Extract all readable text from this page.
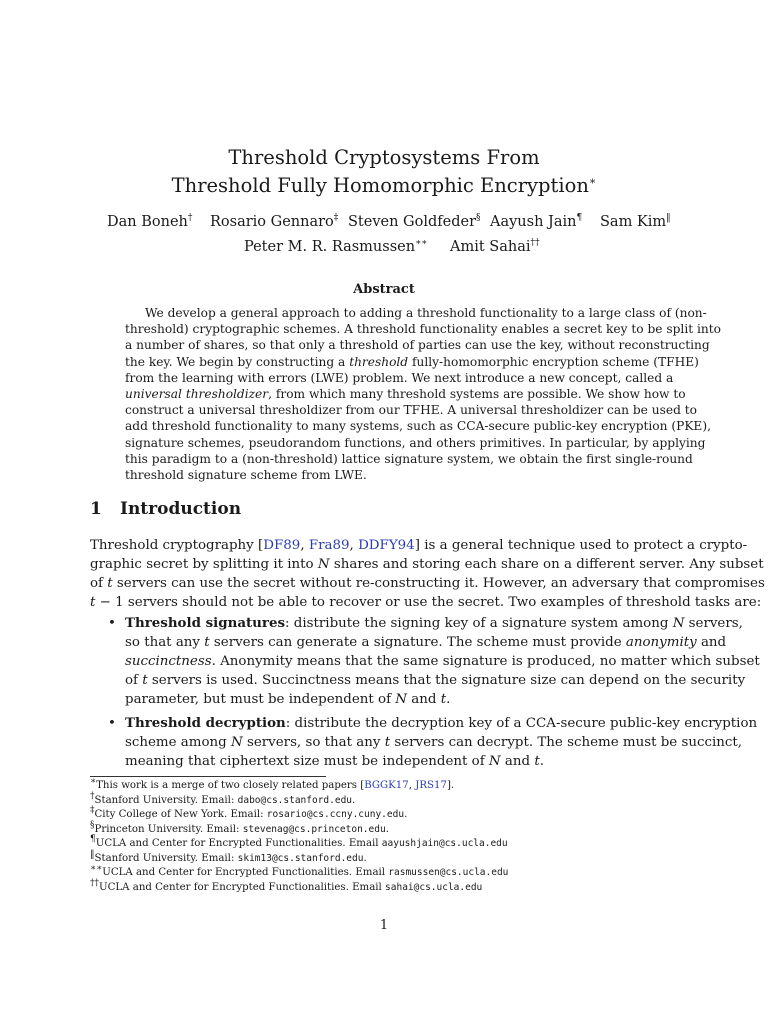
Threshold Cryptosystems From
Threshold Fully Homomorphic Encryption∗
Dan Boneh† Rosario Gennaro‡ Steven Goldfeder§ Aayush Jain¶ Sam Kim‖
Peter M. R. Rasmussen∗∗ Amit Sahai††
Abstract
We develop a general approach to adding a threshold functionality to a large class of (non-
threshold) cryptographic schemes. A threshold functionality enables a secret key to be split into
a number of shares, so that only a threshold of parties can use the key, without reconstructing
the key. We begin by constructing a threshold fully-homomorphic encryption scheme (TFHE)
from the learning with errors (LWE) problem. We next introduce a new concept, called a
universal thresholdizer, from which many threshold systems are possible. We show how to
construct a universal thresholdizer from our TFHE. A universal thresholdizer can be used to
add threshold functionality to many systems, such as CCA-secure public-key encryption (PKE),
signature schemes, pseudorandom functions, and others primitives. In particular, by applying
this paradigm to a (non-threshold) lattice signature system, we obtain the first single-round
threshold signature scheme from LWE.
1 Introduction
Threshold cryptography [DF89, Fra89, DDFY94] is a general technique used to protect a crypto-
graphic secret by splitting it into N shares and storing each share on a different server. Any subset
of t servers can use the secret without re-constructing it. However, an adversary that compromises
t − 1 servers should not be able to recover or use the secret. Two examples of threshold tasks are:
• Threshold signatures: distribute the signing key of a signature system among N servers,
so that any t servers can generate a signature. The scheme must provide anonymity and
succinctness. Anonymity means that the same signature is produced, no matter which subset
of t servers is used. Succinctness means that the signature size can depend on the security
parameter, but must be independent of N and t.
• Threshold decryption: distribute the decryption key of a CCA-secure public-key encryption
scheme among N servers, so that any t servers can decrypt. The scheme must be succinct,
meaning that ciphertext size must be independent of N and t.
∗This work is a merge of two closely related papers [BGGK17, JRS17].
†Stanford University. Email: dabo@cs.stanford.edu.
‡City College of New York. Email: rosario@cs.ccny.cuny.edu.
§Princeton University. Email: stevenag@cs.princeton.edu.
¶UCLA and Center for Encrypted Functionalities. Email aayushjain@cs.ucla.edu
‖Stanford University. Email: skim13@cs.stanford.edu.
∗∗UCLA and Center for Encrypted Functionalities. Email rasmussen@cs.ucla.edu
††UCLA and Center for Encrypted Functionalities. Email sahai@cs.ucla.edu
1
